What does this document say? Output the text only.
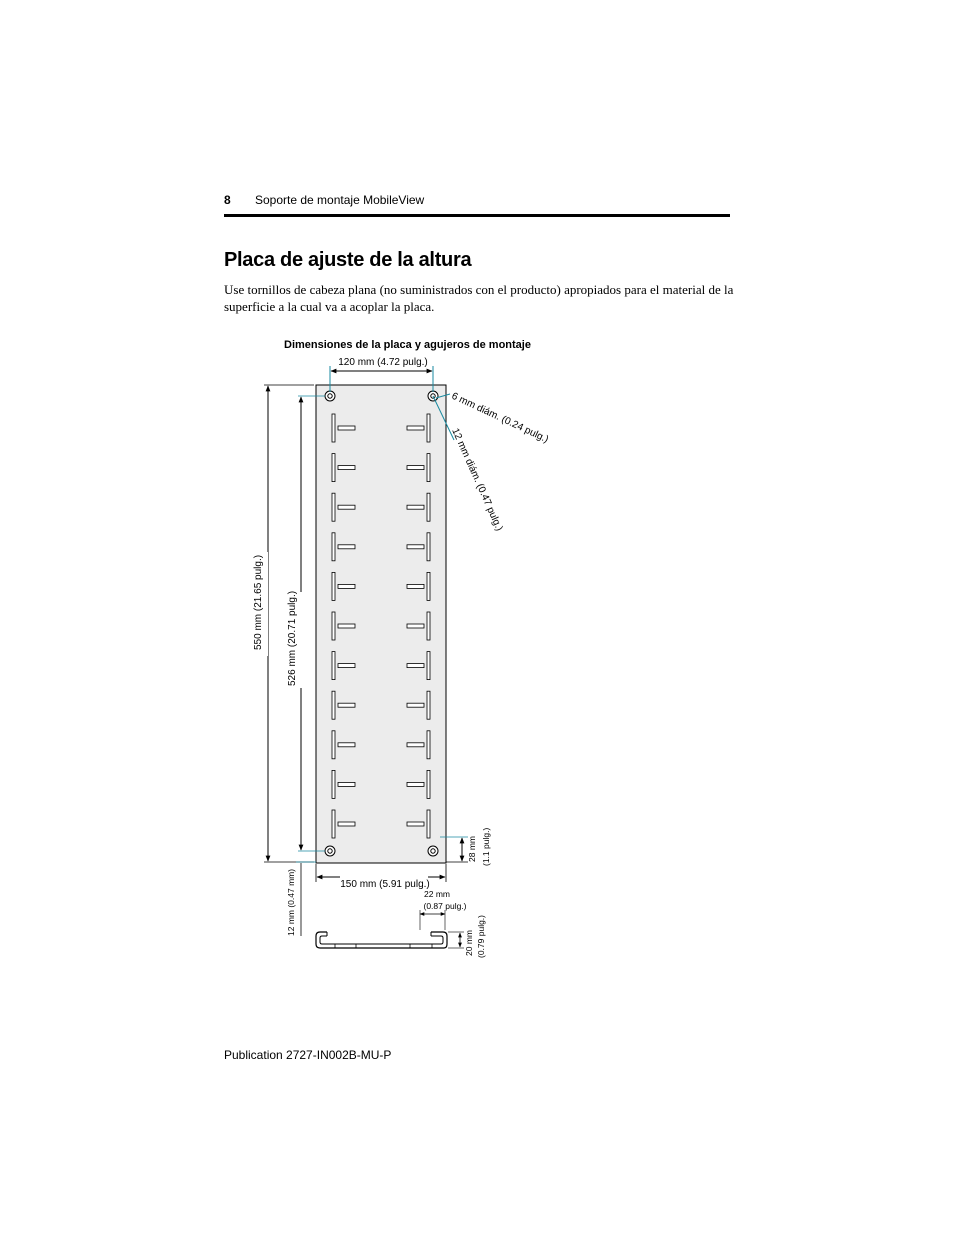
8 Soporte de montaje MobileView
Placa de ajuste de la altura
Use tornillos de cabeza plana (no suministrados con el producto) apropiados para el material de la superficie a la cual va a acoplar la placa.
Dimensiones de la placa y agujeros de montaje
120 mm (4.72 pulg.)
6 mm diám. (0.24 pulg.)
12 mm diám. (0.47 pulg.)
550 mm (21.65 pulg.) 526 mm (20.71 pulg.)
12 mm (0.47 mm)
28 mm (1.1 pulg.)
150 mm (5.91 pulg.)
22 mm
(0.87 pulg.)
20 mm (0.79 pulg.)
Publication 2727-IN002B-MU-P
